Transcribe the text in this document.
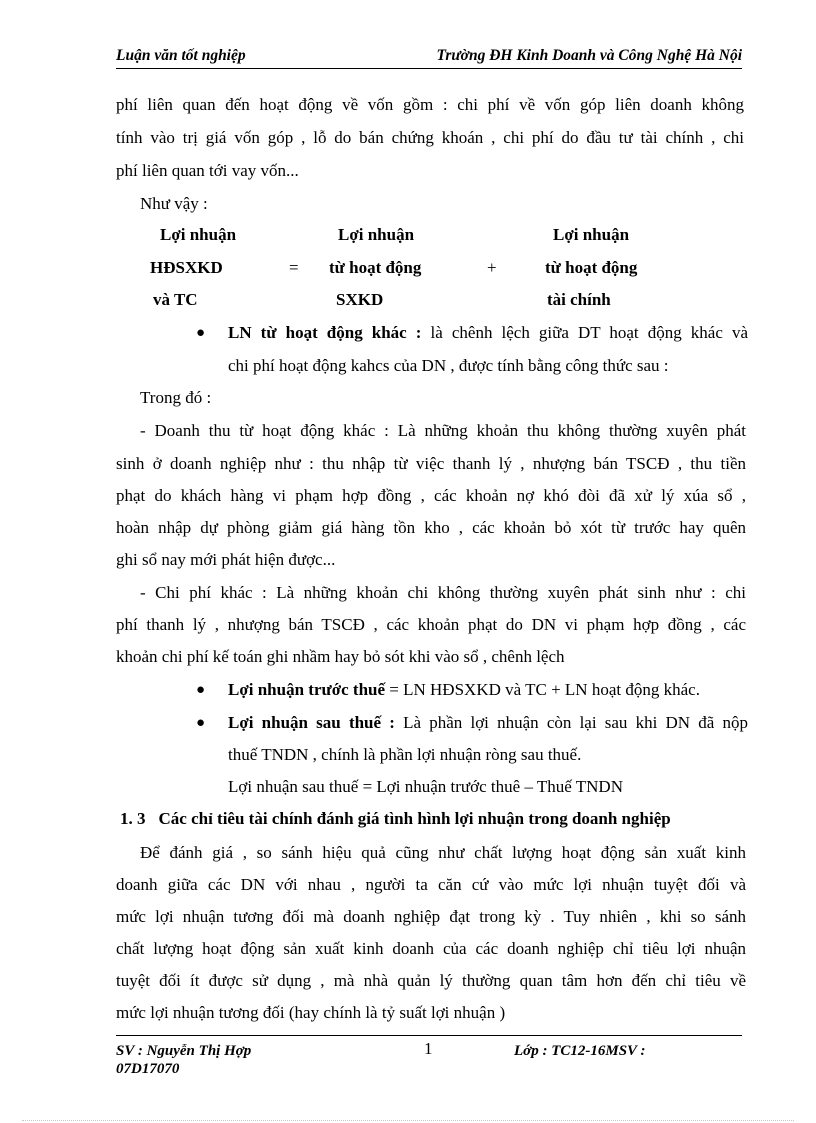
Luận văn tốt nghiệp	Trường ĐH Kinh Doanh và Công Nghệ Hà Nội
phí liên quan đến hoạt động về vốn gồm : chi phí về vốn góp liên doanh không
tính vào trị giá vốn góp , lỗ do bán chứng khoán , chi phí do đầu tư tài chính , chi
phí liên quan tới vay vốn...
Như vậy :
Lợi nhuận
HĐSXKD
và TC
=
Lợi nhuận
từ hoạt động
SXKD
+
Lợi nhuận
từ hoạt động
tài chính
● LN từ hoạt động khác : là chênh lệch giữa DT hoạt động khác và
chi phí hoạt động kahcs của DN , được tính bằng công thức sau :
Trong đó :
- Doanh thu từ hoạt động khác : Là những khoản thu không thường xuyên phát
sinh ở doanh nghiệp như : thu nhập từ việc thanh lý , nhượng bán TSCĐ , thu tiền
phạt do khách hàng vi phạm hợp đồng , các khoản nợ khó đòi đã xử lý xúa sổ ,
hoàn nhập dự phòng giảm giá hàng tồn kho , các khoản bỏ xót từ trước hay quên
ghi sổ nay mới phát hiện được...
- Chi phí khác : Là những khoản chi không thường xuyên phát sinh như : chi
phí thanh lý , nhượng bán TSCĐ , các khoản phạt do DN vi phạm hợp đồng , các
khoản chi phí kế toán ghi nhầm hay bỏ sót khi vào sổ , chênh lệch
● Lợi nhuận trước thuế = LN HĐSXKD và TC + LN hoạt động khác.
● Lợi nhuận sau thuế : Là phần lợi nhuận còn lại sau khi DN đã nộp
thuế TNDN , chính là phần lợi nhuận ròng sau thuế.
Lợi nhuận sau thuế = Lợi nhuận trước thuê – Thuế TNDN
1. 3 Các chỉ tiêu tài chính đánh giá tình hình lợi nhuận trong doanh nghiệp
Để đánh giá , so sánh hiệu quả cũng như chất lượng hoạt động sản xuất kinh
doanh giữa các DN với nhau , người ta căn cứ vào mức lợi nhuận tuyệt đối và
mức lợi nhuận tương đối mà doanh nghiệp đạt trong kỳ . Tuy nhiên , khi so sánh
chất lượng hoạt động sản xuất kinh doanh của các doanh nghiệp chỉ tiêu lợi nhuận
tuyệt đối ít được sử dụng , mà nhà quản lý thường quan tâm hơn đến chỉ tiêu về
mức lợi nhuận tương đối (hay chính là tỷ suất lợi nhuận )
SV : Nguyễn Thị Hợp
07D17070
1	Lớp : TC12-16MSV :
